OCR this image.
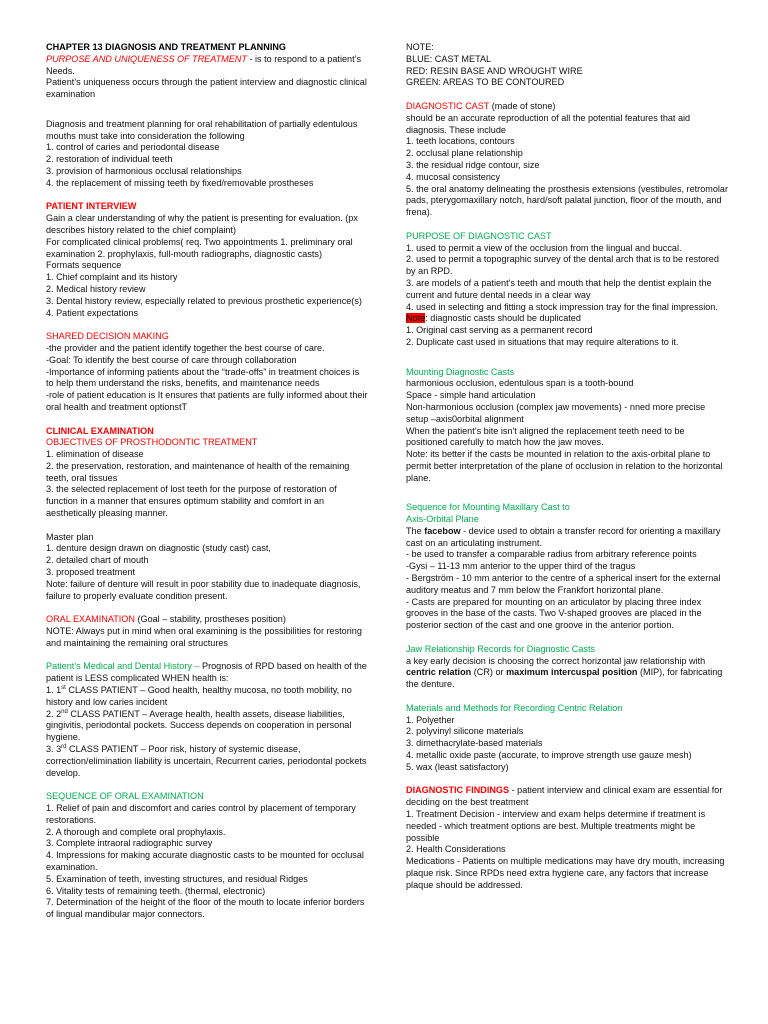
CHAPTER 13 DIAGNOSIS AND TREATMENT PLANNING

PURPOSE AND UNIQUENESS OF TREATMENT - is to respond to a patient’s Needs.

Patient’s uniqueness occurs through the patient interview and diagnostic clinical examination

Diagnosis and treatment planning for oral rehabilitation of partially edentulous mouths must take into consideration the following

1. control of caries and periodontal disease

2. restoration of individual teeth

3. provision of harmonious occlusal relationships

4. the replacement of missing teeth by fixed/removable prostheses

PATIENT INTERVIEW

Gain a clear understanding of why the patient is presenting for evaluation. (px describes history related to the chief complaint)

For complicated clinical problems( req. Two appointments 1. preliminary oral examination 2. prophylaxis, full-mouth radiographs, diagnostic casts)

Formats sequence

1. Chief complaint and its history

2. Medical history review

3. Dental history review, especially related to previous prosthetic experience(s)

4. Patient expectations

SHARED DECISION MAKING

-the provider and the patient identify together the best course of care.

-Goal: To identify the best course of care through collaboration

-Importance of informing patients about the “trade-offs” in treatment choices is to help them understand the risks, benefits, and maintenance needs

-role of patient education is It ensures that patients are fully informed about their oral health and treatment optionstT

CLINICAL EXAMINATION

OBJECTIVES OF PROSTHODONTIC TREATMENT

1. elimination of disease

2. the preservation, restoration, and maintenance of health of the remaining teeth, oral tissues

3. the selected replacement of lost teeth for the purpose of restoration of function in a manner that ensures optimum stability and comfort in an aesthetically pleasing manner.

Master plan

1. denture design drawn on diagnostic (study cast) cast,

2. detailed chart of mouth

3. proposed treatment

Note: failure of denture will result in poor stability due to inadequate diagnosis, failure to properly evaluate condition present.

ORAL EXAMINATION (Goal – stability, prostheses position)

NOTE: Always put in mind when oral examining is the possibilities for restoring and maintaining the remaining oral structures

Patient’s Medical and Dental History – Prognosis of RPD based on health of the patient is LESS complicated WHEN health is:

1. 1st CLASS PATIENT – Good health, healthy mucosa, no tooth mobility, no history and low caries incident

2. 2nd CLASS PATIENT – Average health, health assets, disease liabilities, gingivitis, periodontal pockets. Success depends on cooperation in personal hygiene.

3. 3rd CLASS PATIENT – Poor risk, history of systemic disease, correction/elimination liability is uncertain, Recurrent caries, periodontal pockets develop.

SEQUENCE OF ORAL EXAMINATION

1. Relief of pain and discomfort and caries control by placement of temporary restorations.

2. A thorough and complete oral prophylaxis.

3. Complete intraoral radiographic survey

4. Impressions for making accurate diagnostic casts to be mounted for occlusal examination.

5. Examination of teeth, investing structures, and residual Ridges

6. Vitality tests of remaining teeth. (thermal, electronic)

7. Determination of the height of the floor of the mouth to locate inferior borders of lingual mandibular major connectors.

NOTE:

BLUE: CAST METAL

RED: RESIN BASE AND WROUGHT WIRE

GREEN: AREAS TO BE CONTOURED

DIAGNOSTIC CAST (made of stone)

should be an accurate reproduction of all the potential features that aid diagnosis. These include

1. teeth locations, contours

2. occlusal plane relationship

3. the residual ridge contour, size

4. mucosal consistency

5. the oral anatomy delineating the prosthesis extensions (vestibules, retromolar pads, pterygomaxillary notch, hard/soft palatal junction, floor of the mouth, and frena).

PURPOSE OF DIAGNOSTIC CAST

1. used to permit a view of the occlusion from the lingual and buccal.

2. used to permit a topographic survey of the dental arch that is to be restored by an RPD.

3. are models of a patient's teeth and mouth that help the dentist explain the current and future dental needs in a clear way

4. used in selecting and fitting a stock impression tray for the final impression.

Note: diagnostic casts should be duplicated

1. Original cast serving as a permanent record

2. Duplicate cast used in situations that may require alterations to it.

Mounting Diagnostic Casts

harmonious occlusion, edentulous span is a tooth-bound

Space - simple hand articulation

Non-harmonious occlusion (complex jaw movements) - nned more precise setup –axis0orbital alignment

When the patient’s bite isn't aligned the replacement teeth need to be positioned carefully to match how the jaw moves.

Note: its better if the casts be mounted in relation to the axis-orbital plane to permit better interpretation of the plane of occlusion in relation to the horizontal plane.

Sequence for Mounting Maxillary Cast to

Axis-Orbital Plane

The facebow - device used to obtain a transfer record for orienting a maxillary cast on an articulating instrument.

- be used to transfer a comparable radius from arbitrary reference points

-Gysi – 11-13 mm anterior to the upper third of the tragus

- Bergström - 10 mm anterior to the centre of a spherical insert for the external auditory meatus and 7 mm below the Frankfort horizontal plane.

- Casts are prepared for mounting on an articulator by placing three index grooves in the base of the casts. Two V-shaped grooves are placed in the posterior section of the cast and one groove in the anterior portion.

Jaw Relationship Records for Diagnostic Casts

a key early decision is choosing the correct horizontal jaw relationship with centric relation (CR) or maximum intercuspal position (MIP), for fabricating the denture.

Materials and Methods for Recording Centric Relation

1. Polyether

2. polyvinyl silicone materials

3. dimethacrylate-based materials

4. metallic oxide paste (accurate, to improve strength use gauze mesh)

5. wax (least satisfactory)

DIAGNOSTIC FINDINGS - patient interview and clinical exam are essential for deciding on the best treatment

1. Treatment Decision - interview and exam helps determine if treatment is needed - which treatment options are best. Multiple treatments might be possible

2. Health Considerations

Medications - Patients on multiple medications may have dry mouth, increasing plaque risk. Since RPDs need extra hygiene care, any factors that increase plaque should be addressed.
